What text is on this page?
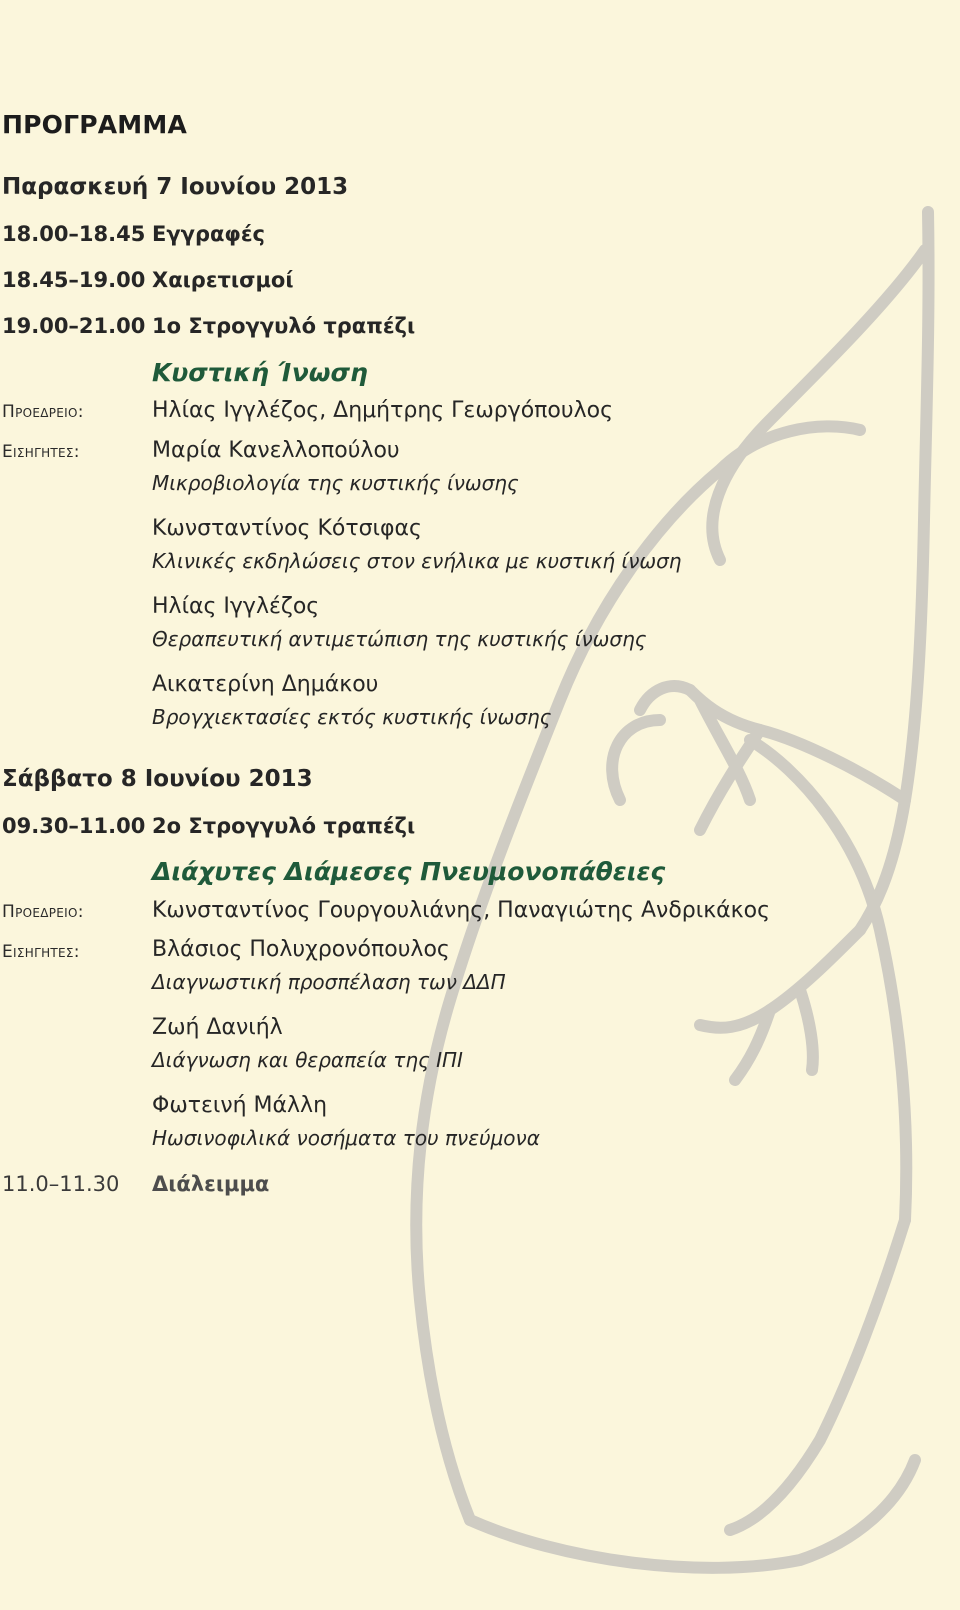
ΠΡΟΓΡΑΜΜΑ
Παρασκευή 7 Ιουνίου 2013
18.00–18.45 Εγγραφές
18.45–19.00 Χαιρετισμοί
19.00–21.00 1ο Στρογγυλό τραπέζι
Κυστική Ίνωση
Προεδρειο:	Ηλίας Ιγγλέζος, Δημήτρης Γεωργόπουλος
Εισηγητες:	Μαρία Κανελλοπούλου
Μικροβιολογία της κυστικής ίνωσης
Κωνσταντίνος Κότσιφας
Κλινικές εκδηλώσεις στον ενήλικα με κυστική ίνωση
Ηλίας Ιγγλέζος
Θεραπευτική αντιμετώπιση της κυστικής ίνωσης
Αικατερίνη Δημάκου
Βρογχιεκτασίες εκτός κυστικής ίνωσης
Σάββατο 8 Ιουνίου 2013
09.30–11.00 2ο Στρογγυλό τραπέζι
Διάχυτες Διάμεσες Πνευμονοπάθειες
Προεδρειο:	Κωνσταντίνος Γουργουλιάνης, Παναγιώτης Ανδρικάκος
Εισηγητες:	Βλάσιος Πολυχρονόπουλος
Διαγνωστική προσπέλαση των ΔΔΠ
Ζωή Δανιήλ
Διάγνωση και θεραπεία της ΙΠΙ
Φωτεινή Μάλλη
Ηωσινοφιλικά νοσήματα του πνεύμονα
11.0–11.30 Διάλειμμα
